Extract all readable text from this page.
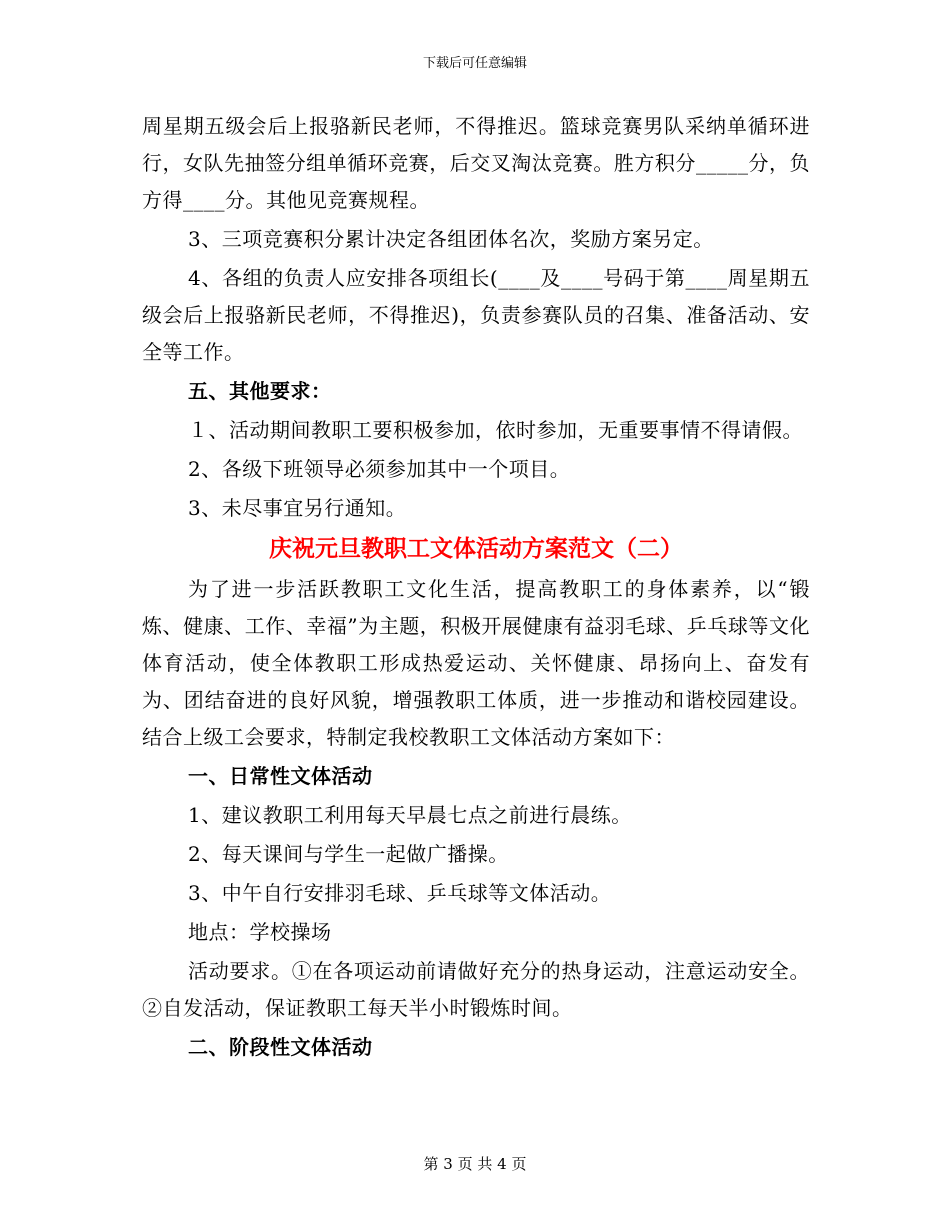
下载后可任意编辑

周星期五级会后上报骆新民老师，不得推迟。篮球竞赛男队采纳单循环进行，女队先抽签分组单循环竞赛，后交叉淘汰竞赛。胜方积分_____分，负方得____分。其他见竞赛规程。

3、三项竞赛积分累计决定各组团体名次，奖励方案另定。

4、各组的负责人应安排各项组长(____及____号码于第____周星期五级会后上报骆新民老师，不得推迟)，负责参赛队员的召集、准备活动、安全等工作。

五、其他要求：

１、活动期间教职工要积极参加，依时参加，无重要事情不得请假。

2、各级下班领导必须参加其中一个项目。

3、未尽事宜另行通知。

庆祝元旦教职工文体活动方案范文（二）

为了进一步活跃教职工文化生活，提高教职工的身体素养，以“锻炼、健康、工作、幸福”为主题，积极开展健康有益羽毛球、乒乓球等文化体育活动，使全体教职工形成热爱运动、关怀健康、昂扬向上、奋发有为、团结奋进的良好风貌，增强教职工体质，进一步推动和谐校园建设。结合上级工会要求，特制定我校教职工文体活动方案如下：

一、日常性文体活动

1、建议教职工利用每天早晨七点之前进行晨练。

2、每天课间与学生一起做广播操。

3、中午自行安排羽毛球、乒乓球等文体活动。

地点：学校操场

活动要求。①在各项运动前请做好充分的热身运动，注意运动安全。②自发活动，保证教职工每天半小时锻炼时间。

二、阶段性文体活动

第 3 页 共 4 页
